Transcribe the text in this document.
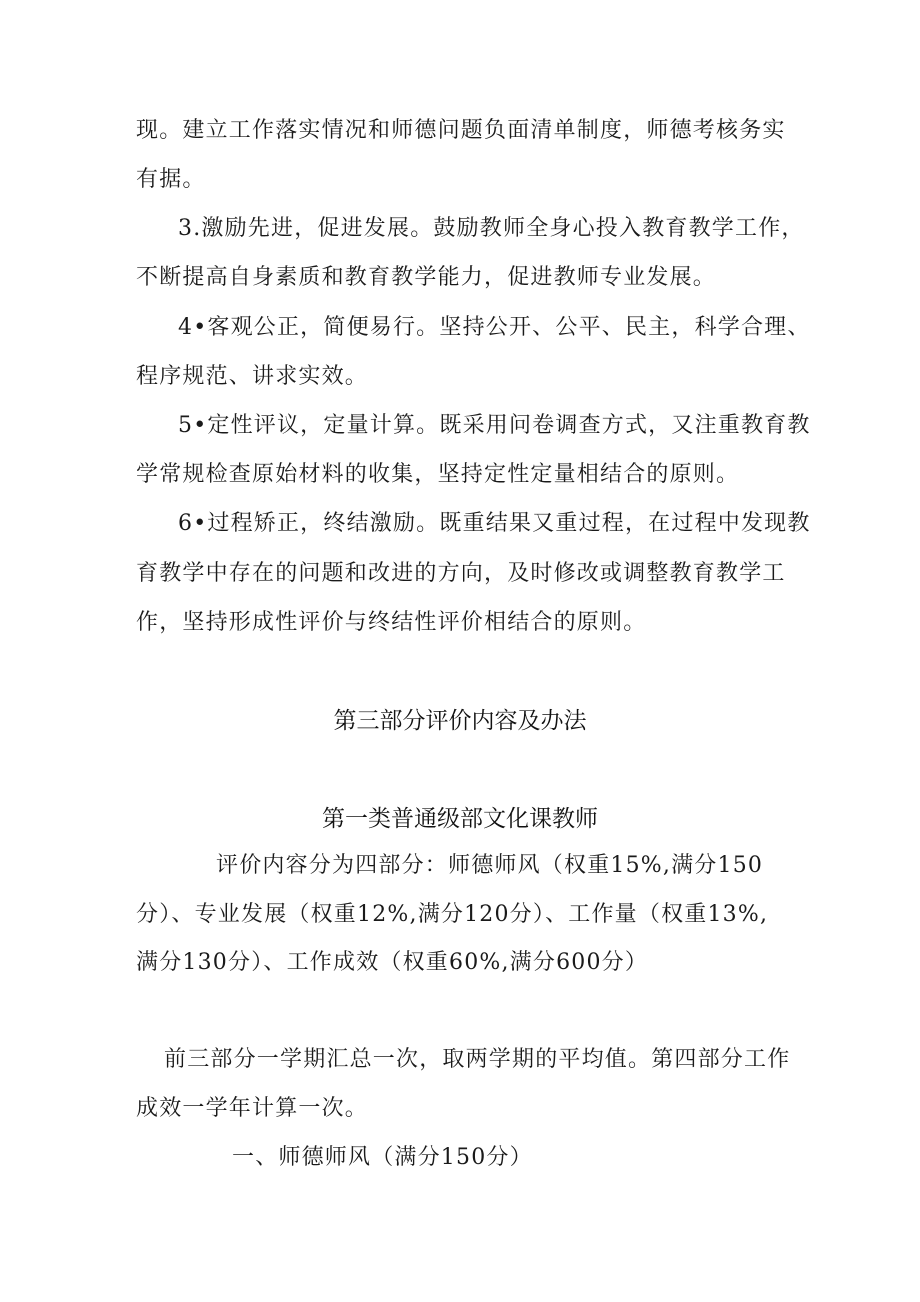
现。建立工作落实情况和师德问题负面清单制度，师德考核务实
有据。
3.激励先进，促进发展。鼓励教师全身心投入教育教学工作，
不断提高自身素质和教育教学能力，促进教师专业发展。
4•客观公正，简便易行。坚持公开、公平、民主，科学合理、
程序规范、讲求实效。
5•定性评议，定量计算。既采用问卷调查方式，又注重教育教
学常规检查原始材料的收集，坚持定性定量相结合的原则。
6•过程矫正，终结激励。既重结果又重过程，在过程中发现教
育教学中存在的问题和改进的方向，及时修改或调整教育教学工
作，坚持形成性评价与终结性评价相结合的原则。
第三部分评价内容及办法
第一类普通级部文化课教师
评价内容分为四部分：师德师风（权重15%,满分150
分）、专业发展（权重12%,满分120分）、工作量（权重13%,
满分130分）、工作成效（权重60%,满分600分）
前三部分一学期汇总一次，取两学期的平均值。第四部分工作
成效一学年计算一次。
一、师德师风（满分150分）
